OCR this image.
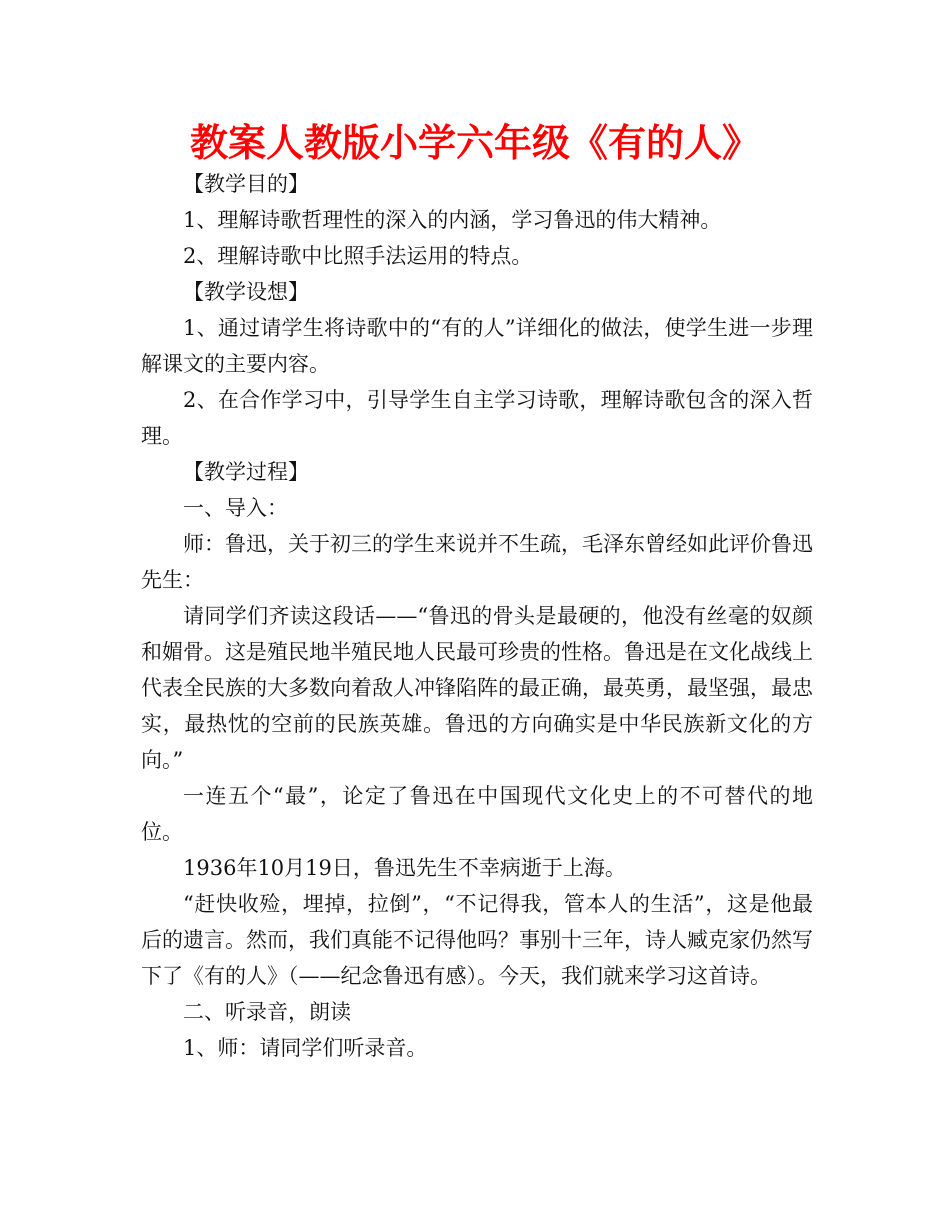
教案人教版小学六年级《有的人》

【教学目的】

1、理解诗歌哲理性的深入的内涵，学习鲁迅的伟大精神。

2、理解诗歌中比照手法运用的特点。

【教学设想】

1、通过请学生将诗歌中的“有的人”详细化的做法，使学生进一步理解课文的主要内容。

2、在合作学习中，引导学生自主学习诗歌，理解诗歌包含的深入哲理。

【教学过程】

一、导入：

师：鲁迅，关于初三的学生来说并不生疏，毛泽东曾经如此评价鲁迅先生：

请同学们齐读这段话——“鲁迅的骨头是最硬的，他没有丝毫的奴颜和媚骨。这是殖民地半殖民地人民最可珍贵的性格。鲁迅是在文化战线上代表全民族的大多数向着敌人冲锋陷阵的最正确，最英勇，最坚强，最忠实，最热忱的空前的民族英雄。鲁迅的方向确实是中华民族新文化的方向。”

一连五个“最”，论定了鲁迅在中国现代文化史上的不可替代的地位。

1936年10月19日，鲁迅先生不幸病逝于上海。

“赶快收殓，埋掉，拉倒”，“不记得我，管本人的生活”，这是他最后的遗言。然而，我们真能不记得他吗？事别十三年，诗人臧克家仍然写下了《有的人》（——纪念鲁迅有感）。今天，我们就来学习这首诗。

二、听录音，朗读

1、师：请同学们听录音。
